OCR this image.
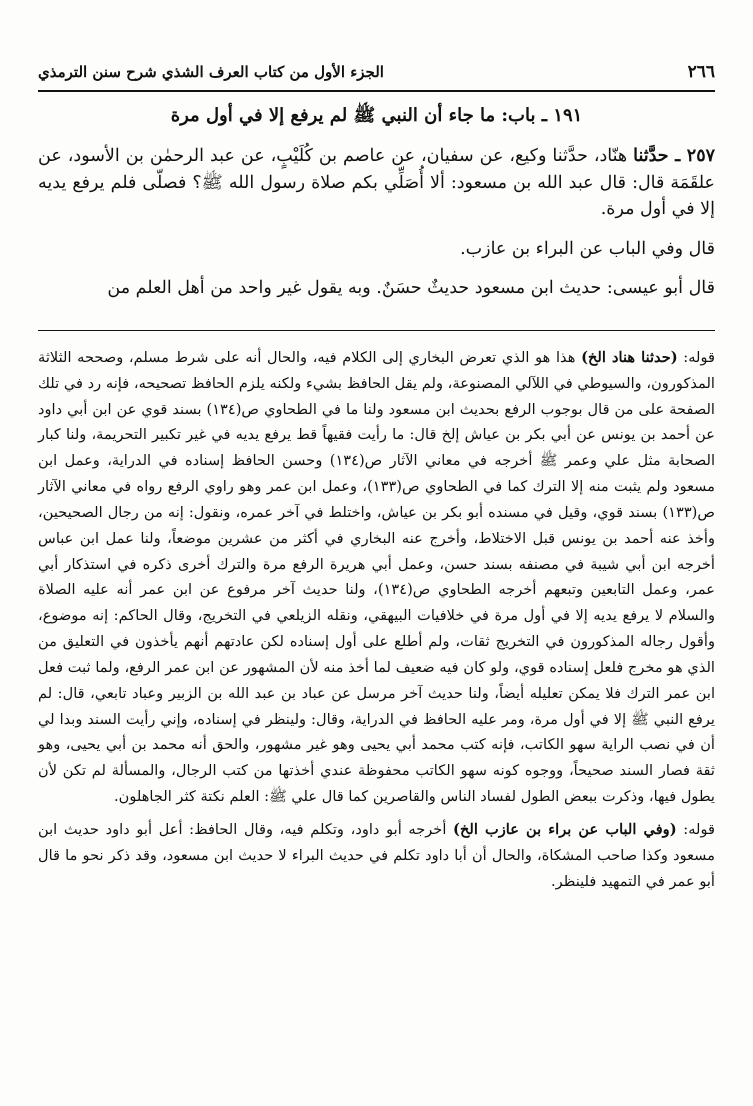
٢٦٦
الجزء الأول من كتاب العرف الشذي شرح سنن الترمذي
١٩١ ـ باب: ما جاء أن النبي ﷺ لم يرفع إلا في أول مرة

٢٥٧ ـ حدَّثنا هنّاد، حدَّثنا وكيع، عن سفيان، عن عاصم بن كُلَيْبٍ، عن عبد الرحمٰن بن الأسود، عن علقَمَة قال: قال عبد الله بن مسعود: ألا أُصَلِّي بكم صلاة رسول الله ﷺ؟ فصلّى فلم يرفع يديه إلا في أول مرة.

قال وفي الباب عن البراء بن عازب.

قال أبو عيسى: حديث ابن مسعود حديثٌ حسَنٌ. وبه يقول غير واحد من أهل العلم من

قوله: (حدثنا هناد الخ) هذا هو الذي تعرض البخاري إلى الكلام فيه، والحال أنه على شرط مسلم، وصححه الثلاثة المذكورون، والسيوطي في اللآلي المصنوعة، ولم يقل الحافظ بشيء ولكنه يلزم الحافظ تصحيحه، فإنه رد في تلك الصفحة على من قال بوجوب الرفع بحديث ابن مسعود ولنا ما في الطحاوي ص(١٣٤) بسند قوي عن ابن أبي داود عن أحمد بن يونس عن أبي بكر بن عياش إلخ قال: ما رأيت فقيهاً قط يرفع يديه في غير تكبير التحريمة، ولنا كبار الصحابة مثل علي وعمر ﷺ أخرجه في معاني الآثار ص(١٣٤) وحسن الحافظ إسناده في الدراية، وعمل ابن مسعود ولم يثبت منه إلا الترك كما في الطحاوي ص(١٣٣)، وعمل ابن عمر وهو راوي الرفع رواه في معاني الآثار ص(١٣٣) بسند قوي، وقيل في مسنده أبو بكر بن عياش، واختلط في آخر عمره، ونقول: إنه من رجال الصحيحين، وأخذ عنه أحمد بن يونس قبل الاختلاط، وأخرج عنه البخاري في أكثر من عشرين موضعاً، ولنا عمل ابن عباس أخرجه ابن أبي شيبة في مصنفه بسند حسن، وعمل أبي هريرة الرفع مرة والترك أخرى ذكره في استذكار أبي عمر، وعمل التابعين وتبعهم أخرجه الطحاوي ص(١٣٤)، ولنا حديث آخر مرفوع عن ابن عمر أنه عليه الصلاة والسلام لا يرفع يديه إلا في أول مرة في خلافيات البيهقي، ونقله الزيلعي في التخريج، وقال الحاكم: إنه موضوع، وأقول رجاله المذكورون في التخريج ثقات، ولم أطلع على أول إسناده لكن عادتهم أنهم يأخذون في التعليق من الذي هو مخرج فلعل إسناده قوي، ولو كان فيه ضعيف لما أخذ منه لأن المشهور عن ابن عمر الرفع، ولما ثبت فعل ابن عمر الترك فلا يمكن تعليله أيضاً، ولنا حديث آخر مرسل عن عباد بن عبد الله بن الزبير وعباد تابعي، قال: لم يرفع النبي ﷺ إلا في أول مرة، ومر عليه الحافظ في الدراية، وقال: ولينظر في إسناده، وإني رأيت السند وبدا لي أن في نصب الراية سهو الكاتب، فإنه كتب محمد أبي يحيى وهو غير مشهور، والحق أنه محمد بن أبي يحيى، وهو ثقة فصار السند صحيحاً، ووجوه كونه سهو الكاتب محفوظة عندي أخذتها من كتب الرجال، والمسألة لم تكن لأن يطول فيها، وذكرت ببعض الطول لفساد الناس والقاصرين كما قال علي ﷺ: العلم نكتة كثر الجاهلون.

قوله: (وفي الباب عن براء بن عازب الخ) أخرجه أبو داود، وتكلم فيه، وقال الحافظ: أعل أبو داود حديث ابن مسعود وكذا صاحب المشكاة، والحال أن أبا داود تكلم في حديث البراء لا حديث ابن مسعود، وقد ذكر نحو ما قال أبو عمر في التمهيد فلينظر.
